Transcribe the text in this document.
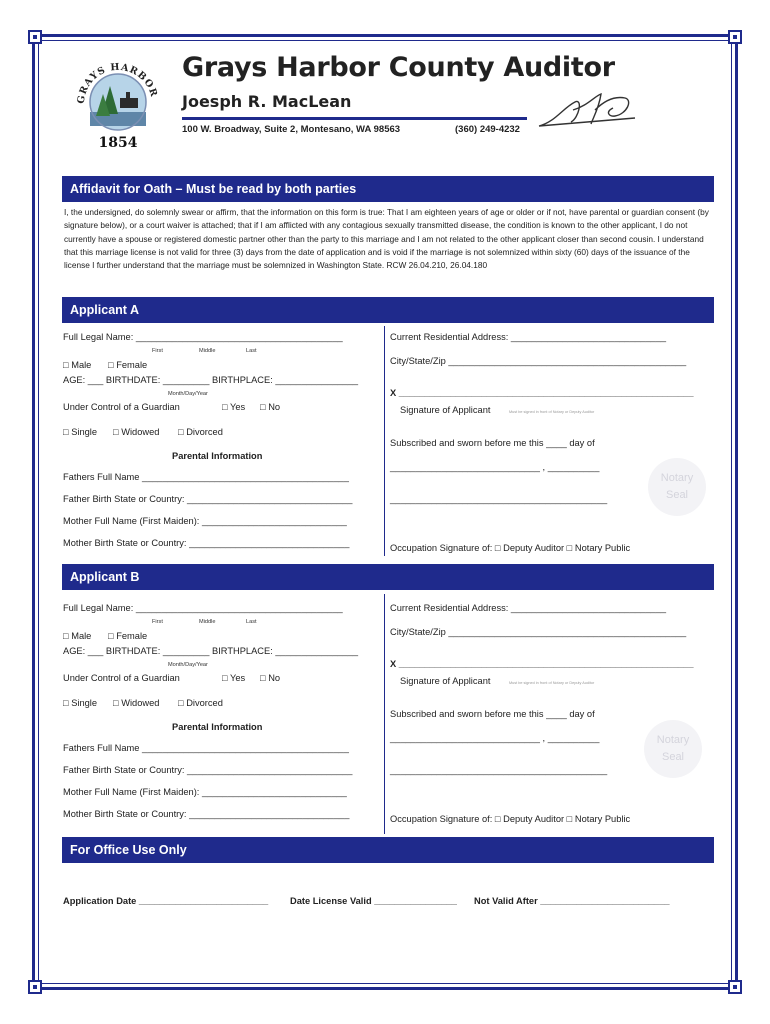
GRAYS HARBOR
1854
Grays Harbor County Auditor
Joesph R. MacLean
100 W. Broadway, Suite 2, Montesano, WA 98563	(360) 249-4232
Affidavit for Oath – Must be read by both parties
I, the undersigned, do solemnly swear or affirm, that the information on this form is true: That I am eighteen years of age or older or if not, have parental or guardian consent (by signature below), or a court waiver is attached; that if I am afflicted with any contagious sexually transmitted disease, the condition is known to the other applicant, I do not currently have a spouse or registered domestic partner other than the party to this marriage and I am not related to the other applicant closer than second cousin. I understand that this marriage license is not valid for three (3) days from the date of application and is void if the marriage is not solemnized within sixty (60) days of the issuance of the license I further understand that the marriage must be solemnized in Washington State. RCW 26.04.210, 26.04.180
Applicant A
Full Legal Name: ________________________________________
First	Middle	Last
□ Male □ Female
AGE: ___ BIRTHDATE: _________ BIRTHPLACE: ________________
Month/Day/Year
Under Control of a Guardian	□ Yes □ No
□ Single □ Widowed □ Divorced
Parental Information
Fathers Full Name ________________________________________
Father Birth State or Country: ________________________________
Mother Full Name (First Maiden): ____________________________
Mother Birth State or Country: _______________________________
Current Residential Address: ______________________________
City/State/Zip ______________________________________________
X _________________________________________________________
Signature of Applicant	Must be signed in front of Notary or Deputy Auditor
Subscribed and sworn before me this ____ day of
_____________________________ , __________
__________________________________________
Notary
Seal
Occupation Signature of: □ Deputy Auditor □ Notary Public
Applicant B
Full Legal Name: ________________________________________
First	Middle	Last
□ Male □ Female
AGE: ___ BIRTHDATE: _________ BIRTHPLACE: ________________
Month/Day/Year
Under Control of a Guardian	□ Yes □ No
□ Single □ Widowed □ Divorced
Parental Information
Fathers Full Name ________________________________________
Father Birth State or Country: ________________________________
Mother Full Name (First Maiden): ____________________________
Mother Birth State or Country: _______________________________
Current Residential Address: ______________________________
City/State/Zip ______________________________________________
X _________________________________________________________
Signature of Applicant	Must be signed in front of Notary or Deputy Auditor
Subscribed and sworn before me this ____ day of
_____________________________ , __________
__________________________________________
Notary
Seal
Occupation Signature of: □ Deputy Auditor □ Notary Public
For Office Use Only
Application Date _________________________ Date License Valid ________________ Not Valid After _________________________
